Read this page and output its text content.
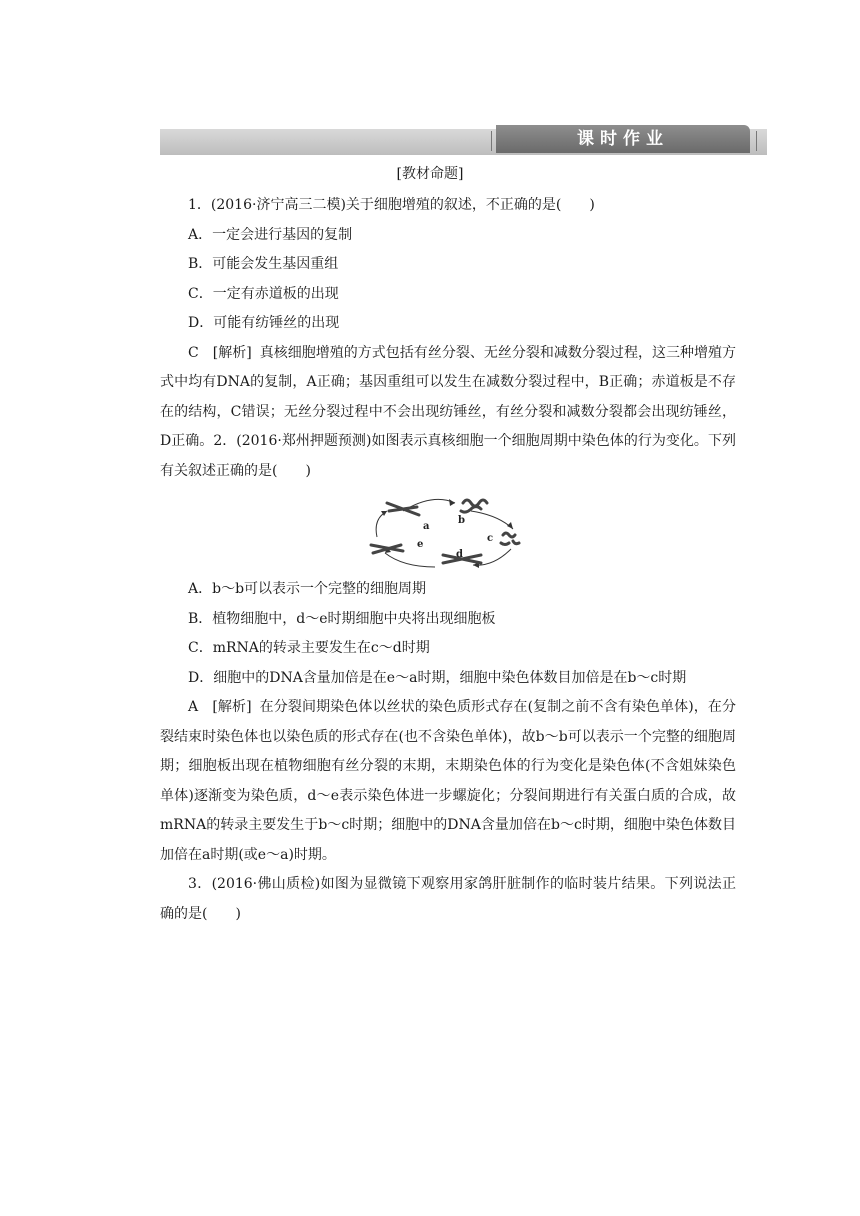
课时作业
[教材命题]

1．(2016·济宁高三二模)关于细胞增殖的叙述，不正确的是(　　)

A．一定会进行基因的复制

B．可能会发生基因重组

C．一定有赤道板的出现

D．可能有纺锤丝的出现

C　 [解析] 真核细胞增殖的方式包括有丝分裂、无丝分裂和减数分裂过程，这三种增殖方式中均有DNA的复制，A正确；基因重组可以发生在减数分裂过程中，B正确；赤道板是不存在的结构，C错误；无丝分裂过程中不会出现纺锤丝，有丝分裂和减数分裂都会出现纺锤丝，D正确。2．(2016·郑州押题预测)如图表示真核细胞一个细胞周期中染色体的行为变化。下列有关叙述正确的是(　　)

a
b
c
d
e

A．b～b可以表示一个完整的细胞周期

B．植物细胞中，d～e时期细胞中央将出现细胞板

C．mRNA的转录主要发生在c～d时期

D．细胞中的DNA含量加倍是在e～a时期，细胞中染色体数目加倍是在b～c时期

A　 [解析] 在分裂间期染色体以丝状的染色质形式存在(复制之前不含有染色单体)，在分裂结束时染色体也以染色质的形式存在(也不含染色单体)，故b～b可以表示一个完整的细胞周期；细胞板出现在植物细胞有丝分裂的末期，末期染色体的行为变化是染色体(不含姐妹染色单体)逐渐变为染色质，d～e表示染色体进一步螺旋化；分裂间期进行有关蛋白质的合成，故mRNA的转录主要发生于b～c时期；细胞中的DNA含量加倍在b～c时期，细胞中染色体数目加倍在a时期(或e～a)时期。

3．(2016·佛山质检)如图为显微镜下观察用家鸽肝脏制作的临时装片结果。下列说法正确的是(　　)
